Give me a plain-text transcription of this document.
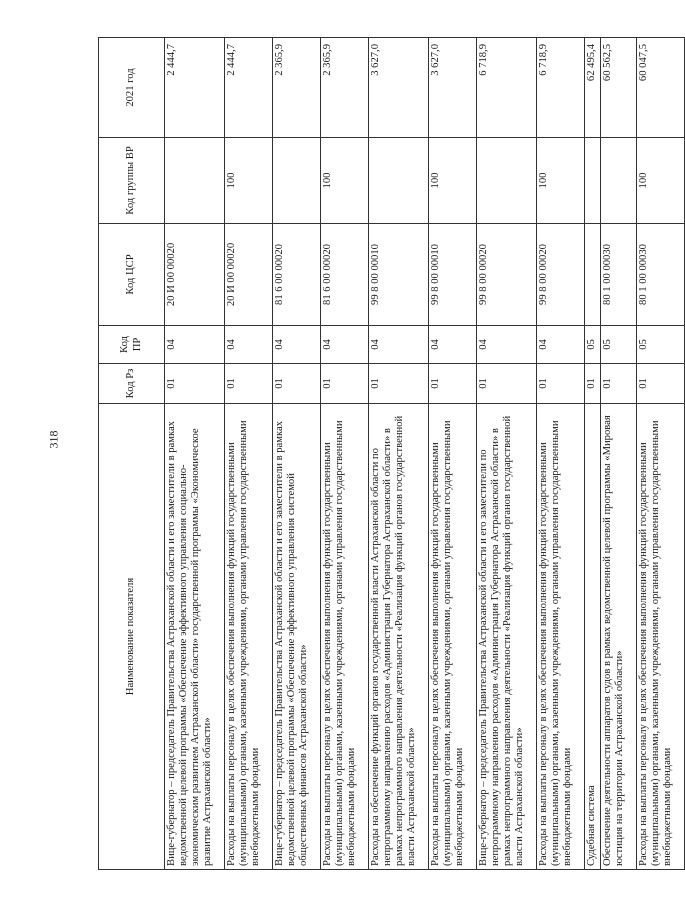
318
Наименование показателя	Код Рз	Код ПР	Код ЦСР	Код группы ВР	2021 год
Вице-губернатор – председатель Правительства Астраханской области и его заместители в рамках ведомственной целевой программы «Обеспечение эффективного управления социально-экономическим развитием Астраханской области» государственной программы «Экономическое развитие Астраханской области»	01	04	20 И 00 00020		2 444,7
Расходы на выплаты персоналу в целях обеспечения выполнения функций государственными (муниципальными) органами, казенными учреждениями, органами управления государственными внебюджетными фондами	01	04	20 И 00 00020	100	2 444,7
Вице-губернатор – председатель Правительства Астраханской области и его заместители в рамках ведомственной целевой программы «Обеспечение эффективного управления системой общественных финансов Астраханской области»	01	04	81 6 00 00020		2 365,9
Расходы на выплаты персоналу в целях обеспечения выполнения функций государственными (муниципальными) органами, казенными учреждениями, органами управления государственными внебюджетными фондами	01	04	81 6 00 00020	100	2 365,9
Расходы на обеспечение функций органов государственной власти Астраханской области по непрограммному направлению расходов «Администрация Губернатора Астраханской области» в рамках непрограммного направления деятельности «Реализация функций органов государственной власти Астраханской области»	01	04	99 8 00 00010		3 627,0
Расходы на выплаты персоналу в целях обеспечения выполнения функций государственными (муниципальными) органами, казенными учреждениями, органами управления государственными внебюджетными фондами	01	04	99 8 00 00010	100	3 627,0
Вице-губернатор – председатель Правительства Астраханской области и его заместители по непрограммному направлению расходов «Администрация Губернатора Астраханской области» в рамках непрограммного направления деятельности «Реализация функций органов государственной власти Астраханской области»	01	04	99 8 00 00020		6 718,9
Расходы на выплаты персоналу в целях обеспечения выполнения функций государственными (муниципальными) органами, казенными учреждениями, органами управления государственными внебюджетными фондами	01	04	99 8 00 00020	100	6 718,9
Судебная система	01	05			62 495,4
Обеспечение деятельности аппаратов судов в рамках ведомственной целевой программы «Мировая юстиция на территории Астраханской области»	01	05	80 1 00 00030		60 562,5
Расходы на выплаты персоналу в целях обеспечения выполнения функций государственными (муниципальными) органами, казенными учреждениями, органами управления государственными внебюджетными фондами	01	05	80 1 00 00030	100	60 047,5
